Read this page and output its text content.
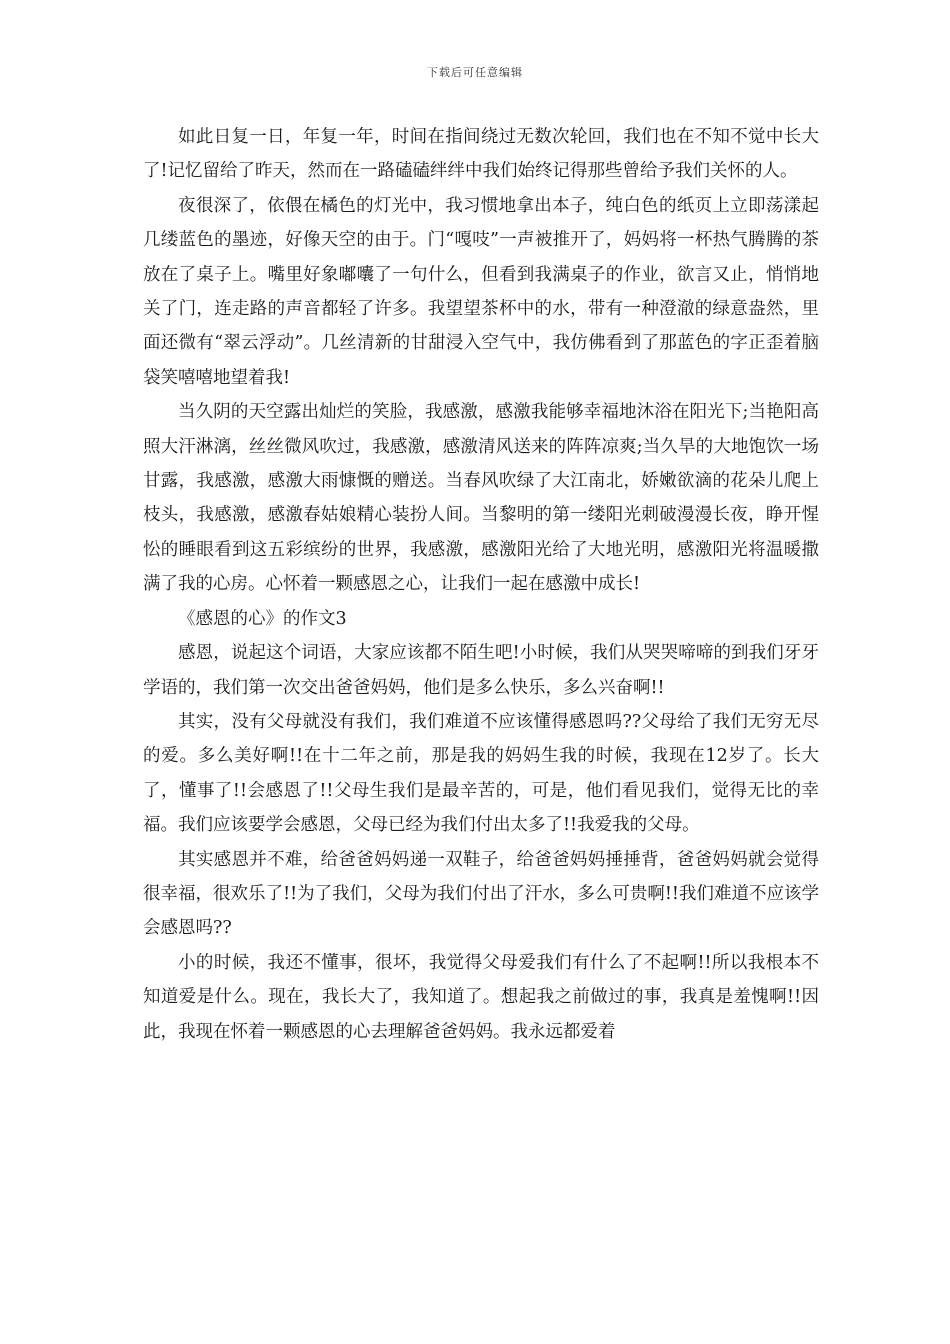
下载后可任意编辑

如此日复一日，年复一年，时间在指间绕过无数次轮回，我们也在不知不觉中长大了!记忆留给了昨天，然而在一路磕磕绊绊中我们始终记得那些曾给予我们关怀的人。

夜很深了，依偎在橘色的灯光中，我习惯地拿出本子，纯白色的纸页上立即荡漾起几缕蓝色的墨迹，好像天空的由于。门“嘎吱”一声被推开了，妈妈将一杯热气腾腾的茶放在了桌子上。嘴里好象嘟囔了一句什么，但看到我满桌子的作业，欲言又止，悄悄地关了门，连走路的声音都轻了许多。我望望茶杯中的水，带有一种澄澈的绿意盎然，里面还微有“翠云浮动”。几丝清新的甘甜浸入空气中，我仿佛看到了那蓝色的字正歪着脑袋笑嘻嘻地望着我!

当久阴的天空露出灿烂的笑脸，我感激，感激我能够幸福地沐浴在阳光下;当艳阳高照大汗淋漓，丝丝微风吹过，我感激，感激清风送来的阵阵凉爽;当久旱的大地饱饮一场甘露，我感激，感激大雨慷慨的赠送。当春风吹绿了大江南北，娇嫩欲滴的花朵儿爬上枝头，我感激，感激春姑娘精心装扮人间。当黎明的第一缕阳光刺破漫漫长夜，睁开惺忪的睡眼看到这五彩缤纷的世界，我感激，感激阳光给了大地光明，感激阳光将温暖撒满了我的心房。心怀着一颗感恩之心，让我们一起在感激中成长!

《感恩的心》的作文3

感恩，说起这个词语，大家应该都不陌生吧!小时候，我们从哭哭啼啼的到我们牙牙学语的，我们第一次交出爸爸妈妈，他们是多么快乐，多么兴奋啊!!

其实，没有父母就没有我们，我们难道不应该懂得感恩吗??父母给了我们无穷无尽的爱。多么美好啊!!在十二年之前，那是我的妈妈生我的时候，我现在12岁了。长大了，懂事了!!会感恩了!!父母生我们是最辛苦的，可是，他们看见我们，觉得无比的幸福。我们应该要学会感恩，父母已经为我们付出太多了!!我爱我的父母。

其实感恩并不难，给爸爸妈妈递一双鞋子，给爸爸妈妈捶捶背，爸爸妈妈就会觉得很幸福，很欢乐了!!为了我们，父母为我们付出了汗水，多么可贵啊!!我们难道不应该学会感恩吗??

小的时候，我还不懂事，很坏，我觉得父母爱我们有什么了不起啊!!所以我根本不知道爱是什么。现在，我长大了，我知道了。想起我之前做过的事，我真是羞愧啊!!因此，我现在怀着一颗感恩的心去理解爸爸妈妈。我永远都爱着
